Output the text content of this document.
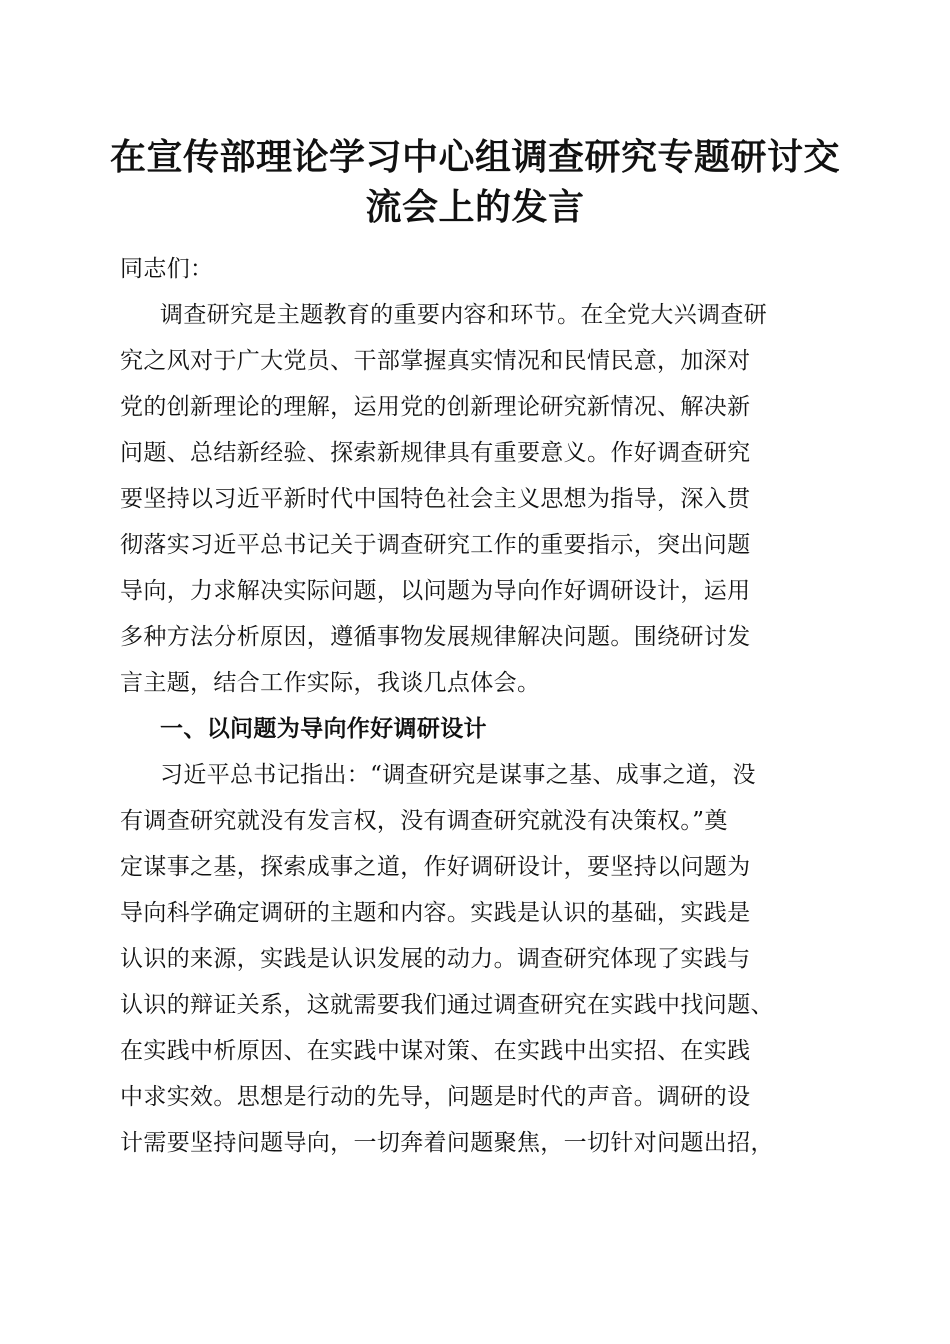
在宣传部理论学习中心组调查研究专题研讨交
流会上的发言
同志们：
调查研究是主题教育的重要内容和环节。在全党大兴调查研
究之风对于广大党员、干部掌握真实情况和民情民意，加深对
党的创新理论的理解，运用党的创新理论研究新情况、解决新
问题、总结新经验、探索新规律具有重要意义。作好调查研究
要坚持以习近平新时代中国特色社会主义思想为指导，深入贯
彻落实习近平总书记关于调查研究工作的重要指示，突出问题
导向，力求解决实际问题，以问题为导向作好调研设计，运用
多种方法分析原因，遵循事物发展规律解决问题。围绕研讨发
言主题，结合工作实际，我谈几点体会。
一、以问题为导向作好调研设计
习近平总书记指出：“调查研究是谋事之基、成事之道，没
有调查研究就没有发言权，没有调查研究就没有决策权。”奠
定谋事之基，探索成事之道，作好调研设计，要坚持以问题为
导向科学确定调研的主题和内容。实践是认识的基础，实践是
认识的来源，实践是认识发展的动力。调查研究体现了实践与
认识的辩证关系，这就需要我们通过调查研究在实践中找问题、
在实践中析原因、在实践中谋对策、在实践中出实招、在实践
中求实效。思想是行动的先导，问题是时代的声音。调研的设
计需要坚持问题导向，一切奔着问题聚焦，一切针对问题出招，
